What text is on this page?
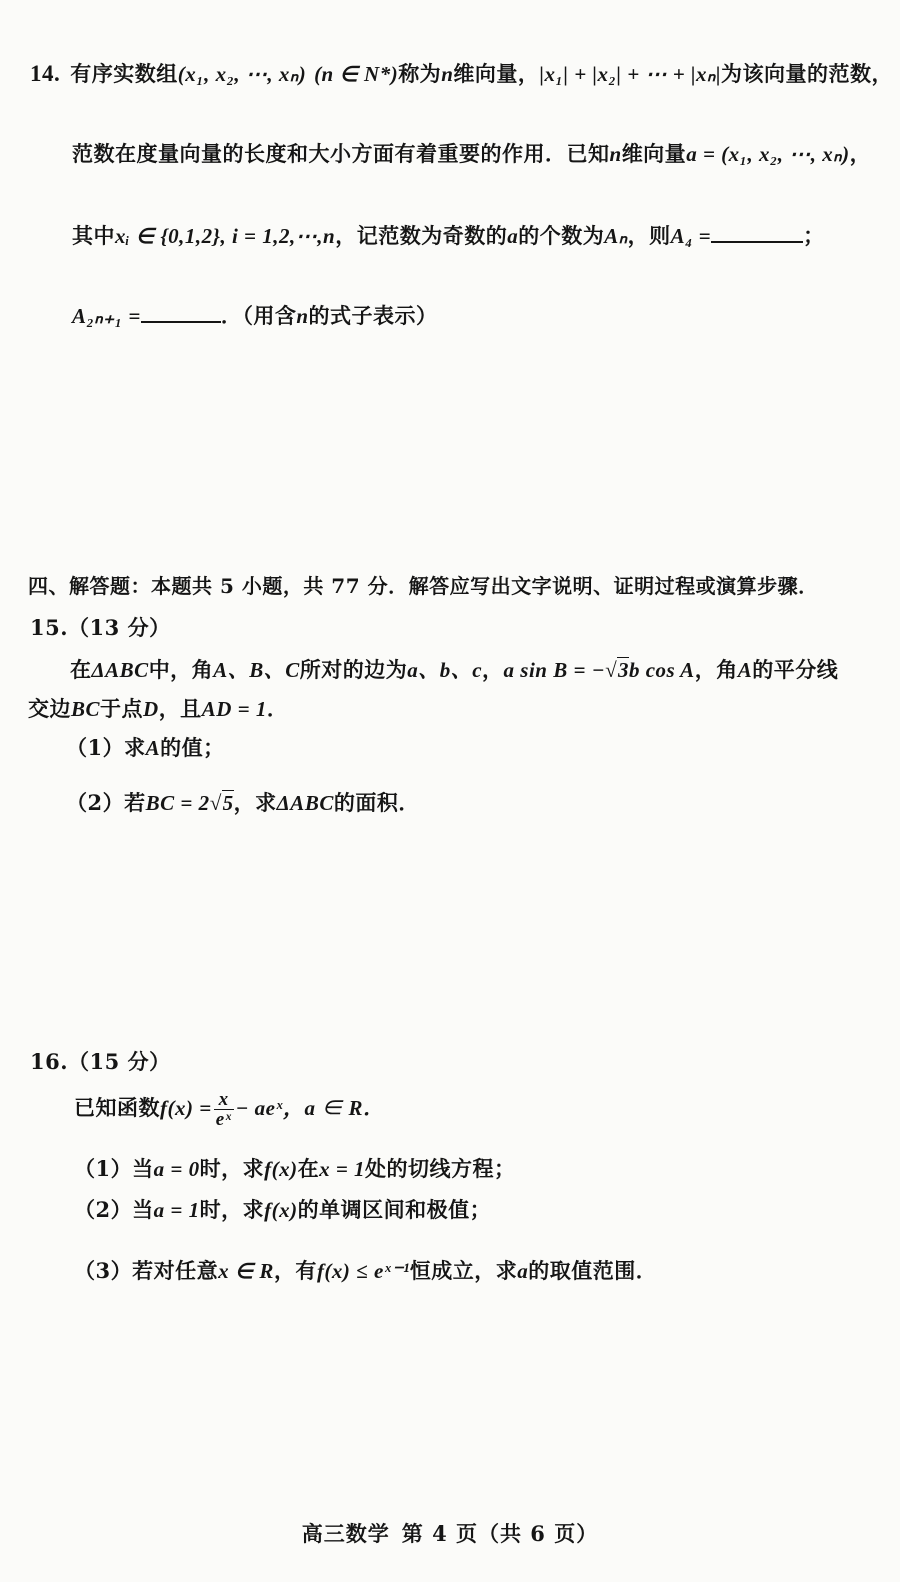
14. 有序实数组(x₁, x₂, ⋯, xₙ) (n ∈ N*)称为n维向量，|x₁| + |x₂| + ⋯ + |xₙ|为该向量的范数，
范数在度量向量的长度和大小方面有着重要的作用．已知n维向量a = (x₁, x₂, ⋯, xₙ)，
其中xᵢ ∈ {0,1,2}, i = 1,2,⋯,n，记范数为奇数的a的个数为Aₙ，则A₄ =	；
A₂ₙ₊₁ =	．（用含n的式子表示）
四、解答题：本题共 5 小题，共 77 分．解答应写出文字说明、证明过程或演算步骤．
15.（13 分）
在ΔABC中，角A、B、C所对的边为a、b、c，a sin B = −√3b cos A，角A的平分线
交边BC于点D，且AD = 1．
（1）求A的值；
（2）若BC = 2√5，求ΔABC的面积．
16.（15 分）
已知函数$f(x) = \frac{x}{\text{eˣ}}$ − aeˣ，a ∈ R．
（1）当a = 0时，求f(x)在x = 1处的切线方程；
（2）当a = 1时，求f(x)的单调区间和极值；
（3）若对任意x ∈ R，有f(x) ≤ eˣ⁻¹恒成立，求a的取值范围．
高三数学 第 4 页（共 6 页）
